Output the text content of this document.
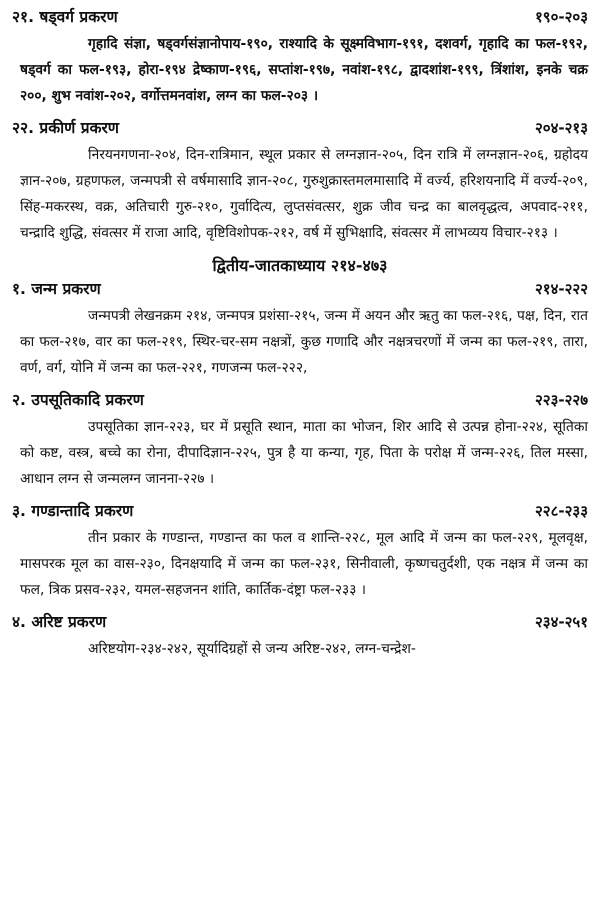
२१. षड्वर्ग प्रकरण	१९०-२०३
गृहादि संज्ञा, षड्वर्गसंज्ञानोपाय-१९०, राश्यादि के सूक्ष्मविभाग-१९१, दशवर्ग, गृहादि का फल-१९२, षड्वर्ग का फल-१९३, होरा-१९४ द्रेष्काण-१९६, सप्तांश-१९७, नवांश-१९८, द्वादशांश-१९९, त्रिंशांश, इनके चक्र २००, शुभ नवांश-२०२, वर्गोत्तमनवांश, लग्न का फल-२०३ ।
२२. प्रकीर्ण प्रकरण	२०४-२१३
निरयनगणना-२०४, दिन-रात्रिमान, स्थूल प्रकार से लग्नज्ञान-२०५, दिन रात्रि में लग्नज्ञान-२०६, ग्रहोदय ज्ञान-२०७, ग्रहणफल, जन्मपत्री से वर्षमासादि ज्ञान-२०८, गुरुशुक्रास्तमलमासादि में वर्ज्य, हरिशयनादि में वर्ज्य-२०९, सिंह-मकरस्थ, वक्र, अतिचारी गुरु-२१०, गुर्वादित्य, लुप्तसंवत्सर, शुक्र जीव चन्द्र का बालवृद्धत्व, अपवाद-२११, चन्द्रादि शुद्धि, संवत्सर में राजा आदि, वृष्टिविशोपक-२१२, वर्ष में सुभिक्षादि, संवत्सर में लाभव्यय विचार-२१३ ।
द्वितीय-जातकाध्याय २१४-४७३
१. जन्म प्रकरण	२१४-२२२
जन्मपत्री लेखनक्रम २१४, जन्मपत्र प्रशंसा-२१५, जन्म में अयन और ऋतु का फल-२१६, पक्ष, दिन, रात का फल-२१७, वार का फल-२१९, स्थिर-चर-सम नक्षत्रों, कुछ गणादि और नक्षत्रचरणों में जन्म का फल-२१९, तारा, वर्ण, वर्ग, योनि में जन्म का फल-२२१, गणजन्म फल-२२२,
२. उपसूतिकादि प्रकरण	२२३-२२७
उपसूतिका ज्ञान-२२३, घर में प्रसूति स्थान, माता का भोजन, शिर आदि से उत्पन्न होना-२२४, सूतिका को कष्ट, वस्त्र, बच्चे का रोना, दीपादिज्ञान-२२५, पुत्र है या कन्या, गृह, पिता के परोक्ष में जन्म-२२६, तिल मस्सा, आधान लग्न से जन्मलग्न जानना-२२७ ।
३. गण्डान्तादि प्रकरण	२२८-२३३
तीन प्रकार के गण्डान्त, गण्डान्त का फल व शान्ति-२२८, मूल आदि में जन्म का फल-२२९, मूलवृक्ष, मासपरक मूल का वास-२३०, दिनक्षयादि में जन्म का फल-२३१, सिनीवाली, कृष्णचतुर्दशी, एक नक्षत्र में जन्म का फल, त्रिक प्रसव-२३२, यमल-सहजनन शांति, कार्तिक-दंष्ट्रा फल-२३३ ।
४. अरिष्ट प्रकरण	२३४-२५१
अरिष्टयोग-२३४-२४२, सूर्यादिग्रहों से जन्य अरिष्ट-२४२, लग्न-चन्द्रेश-
